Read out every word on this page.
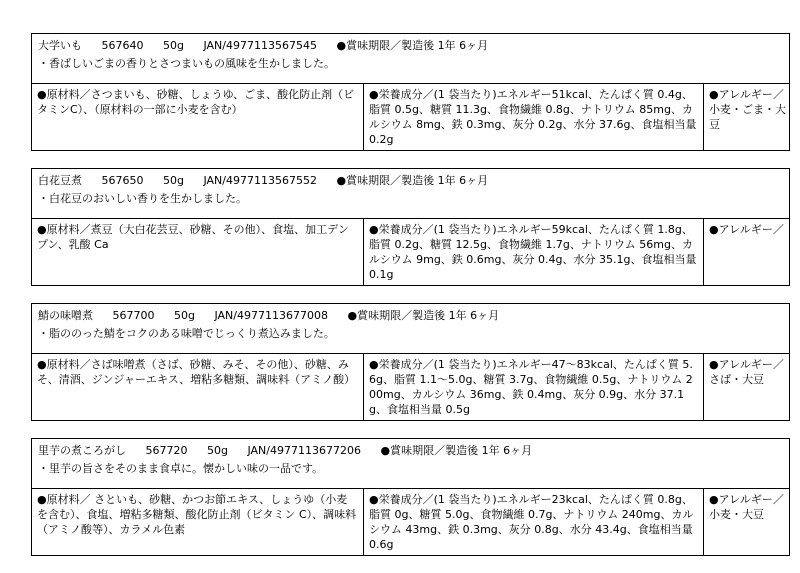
大学いも 567640 50g JAN/4977113567545 ●賞味期限／製造後 1年 6ヶ月
・香ばしいごまの香りとさつまいもの風味を生かしました。
●原材料／さつまいも、砂糖、しょうゆ、ごま、酸化防止剤（ビタミンC）、（原材料の一部に小麦を含む）
●栄養成分／(1 袋当たり)エネルギー51kcal、たんぱく質 0.4g、脂質 0.5g、糖質 11.3g、食物繊維 0.8g、ナトリウム 85mg、カルシウム 8mg、鉄 0.3mg、灰分 0.2g、水分 37.6g、食塩相当量 0.2g
●アレルギー／小麦・ごま・大豆
白花豆煮 567650 50g JAN/4977113567552 ●賞味期限／製造後 1年 6ヶ月
・白花豆のおいしい香りを生かしました。
●原材料／煮豆（大白花芸豆、砂糖、その他）、食塩、加工デンプン、乳酸 Ca
●栄養成分／(1 袋当たり)エネルギー59kcal、たんぱく質 1.8g、脂質 0.2g、糖質 12.5g、食物繊維 1.7g、ナトリウム 56mg、カルシウム 9mg、鉄 0.6mg、灰分 0.4g、水分 35.1g、食塩相当量 0.1g
●アレルギー／
鯖の味噌煮 567700 50g JAN/4977113677008 ●賞味期限／製造後 1年 6ヶ月
・脂ののった鯖をコクのある味噌でじっくり煮込みました。
●原材料／さば味噌煮（さば、砂糖、みそ、その他）、砂糖、みそ、清酒、ジンジャーエキス、増粘多糖類、調味料（アミノ酸）
●栄養成分／(1 袋当たり)エネルギー47～83kcal、たんぱく質 5.6g、脂質 1.1～5.0g、糖質 3.7g、食物繊維 0.5g、ナトリウム 200mg、カルシウム 36mg、鉄 0.4mg、灰分 0.9g、水分 37.1g、食塩相当量 0.5g
●アレルギー／さば・大豆
里芋の煮ころがし 567720 50g JAN/4977113677206 ●賞味期限／製造後 1年 6ヶ月
・里芋の旨さをそのまま食卓に。懐かしい味の一品です。
●原材料／ さといも、砂糖、かつお節エキス、しょうゆ（小麦を含む）、食塩、増粘多糖類、酸化防止剤（ビタミン C）、調味料（アミノ酸等）、カラメル色素
●栄養成分／(1 袋当たり)エネルギー23kcal、たんぱく質 0.8g、脂質 0g、糖質 5.0g、食物繊維 0.7g、ナトリウム 240mg、カルシウム 43mg、鉄 0.3mg、灰分 0.8g、水分 43.4g、食塩相当量 0.6g
●アレルギー／小麦・大豆
